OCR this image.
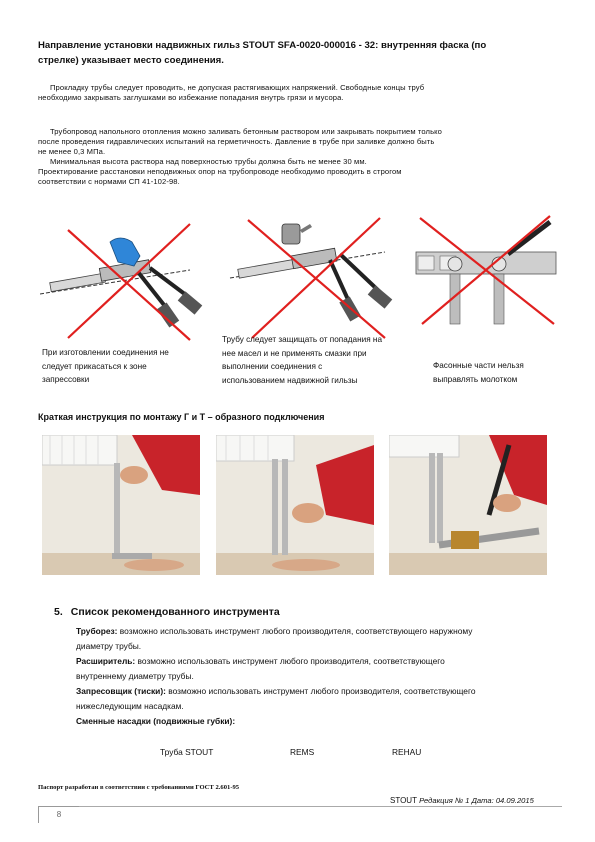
Направление установки надвижных гильз STOUT SFA-0020-000016 - 32: внутренняя фаска (по
стрелке) указывает место соединения.
Прокладку трубы следует проводить, не допуская растягивающих напряжений. Свободные концы труб
необходимо закрывать заглушками во избежание попадания внутрь грязи и мусора.
Трубопровод напольного отопления можно заливать бетонным раствором или закрывать покрытием только
после проведения гидравлических испытаний на герметичность. Давление в трубе при заливке должно быть
не менее 0,3 МПа.
Минимальная высота раствора над поверхностью трубы должна быть не менее 30 мм.
Проектирование расстановки неподвижных опор на трубопроводе необходимо проводить в строгом
соответствии с нормами СП 41-102-98.
При изготовлении соединения не
следует прикасаться к зоне
запрессовки
Трубу следует защищать от попадания на
нее масел и не применять смазки при
выполнении соединения с
использованием надвижной гильзы
Фасонные части нельзя
выправлять молотком
Краткая инструкция по монтажу Г и Т – образного подключения
5. Список рекомендованного инструмента
Труборез: возможно использовать инструмент любого производителя, соответствующего наружному
диаметру трубы.
Расширитель: возможно использовать инструмент любого производителя, соответствующего
внутреннему диаметру трубы.
Запресовщик (тиски): возможно использовать инструмент любого производителя, соответствующего
нижеследующим насадкам.
Сменные насадки (подвижные губки):
Труба STOUT	REMS	REHAU
Паспорт разработан в соответствии с требованиями ГОСТ 2.601-95
STOUT Редакция № 1 Дата: 04.09.2015
8
